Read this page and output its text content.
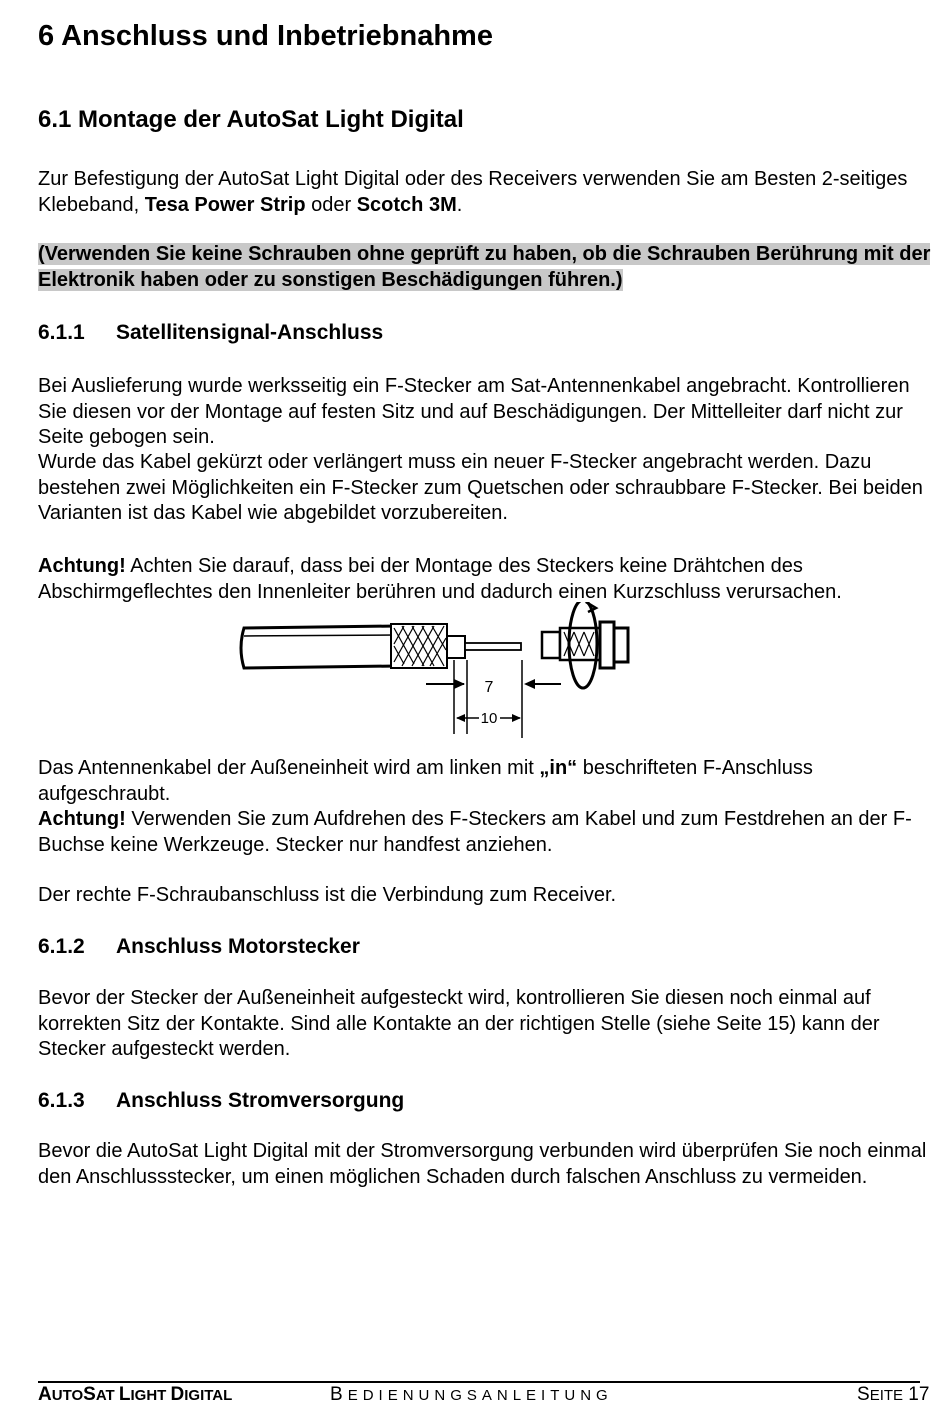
6 Anschluss und Inbetriebnahme
6.1 Montage der AutoSat Light Digital
Zur Befestigung der AutoSat Light Digital oder des Receivers verwenden Sie am Besten 2-seitiges Klebeband, Tesa Power Strip oder Scotch 3M.
(Verwenden Sie keine Schrauben ohne geprüft zu haben, ob die Schrauben Berührung mit der Elektronik haben oder zu sonstigen Beschädigungen führen.)
6.1.1 Satellitensignal-Anschluss
Bei Auslieferung wurde werksseitig ein F-Stecker am Sat-Antennenkabel angebracht. Kontrollieren Sie diesen vor der Montage auf festen Sitz und auf Beschädigungen. Der Mittelleiter darf nicht zur Seite gebogen sein.
Wurde das Kabel gekürzt oder verlängert muss ein neuer F-Stecker angebracht werden. Dazu bestehen zwei Möglichkeiten ein F-Stecker zum Quetschen oder schraubbare F-Stecker. Bei beiden Varianten ist das Kabel wie abgebildet vorzubereiten.
Achtung! Achten Sie darauf, dass bei der Montage des Steckers keine Drähtchen des Abschirmgeflechtes den Innenleiter berühren und dadurch einen Kurzschluss verursachen.
7
10
Das Antennenkabel der Außeneinheit wird am linken mit „in“ beschrifteten F-Anschluss aufgeschraubt.
Achtung! Verwenden Sie zum Aufdrehen des F-Steckers am Kabel und zum Festdrehen an der F-Buchse keine Werkzeuge. Stecker nur handfest anziehen.
Der rechte F-Schraubanschluss ist die Verbindung zum Receiver.
6.1.2 Anschluss Motorstecker
Bevor der Stecker der Außeneinheit aufgesteckt wird, kontrollieren Sie diesen noch einmal auf korrekten Sitz der Kontakte. Sind alle Kontakte an der richtigen Stelle (siehe Seite 15) kann der Stecker aufgesteckt werden.
6.1.3 Anschluss Stromversorgung
Bevor die AutoSat Light Digital mit der Stromversorgung verbunden wird überprüfen Sie noch einmal den Anschlussstecker, um einen möglichen Schaden durch falschen Anschluss zu vermeiden.
AUTOSAT LIGHT DIGITAL	BEDIENUNGSANLEITUNG	SEITE 17
